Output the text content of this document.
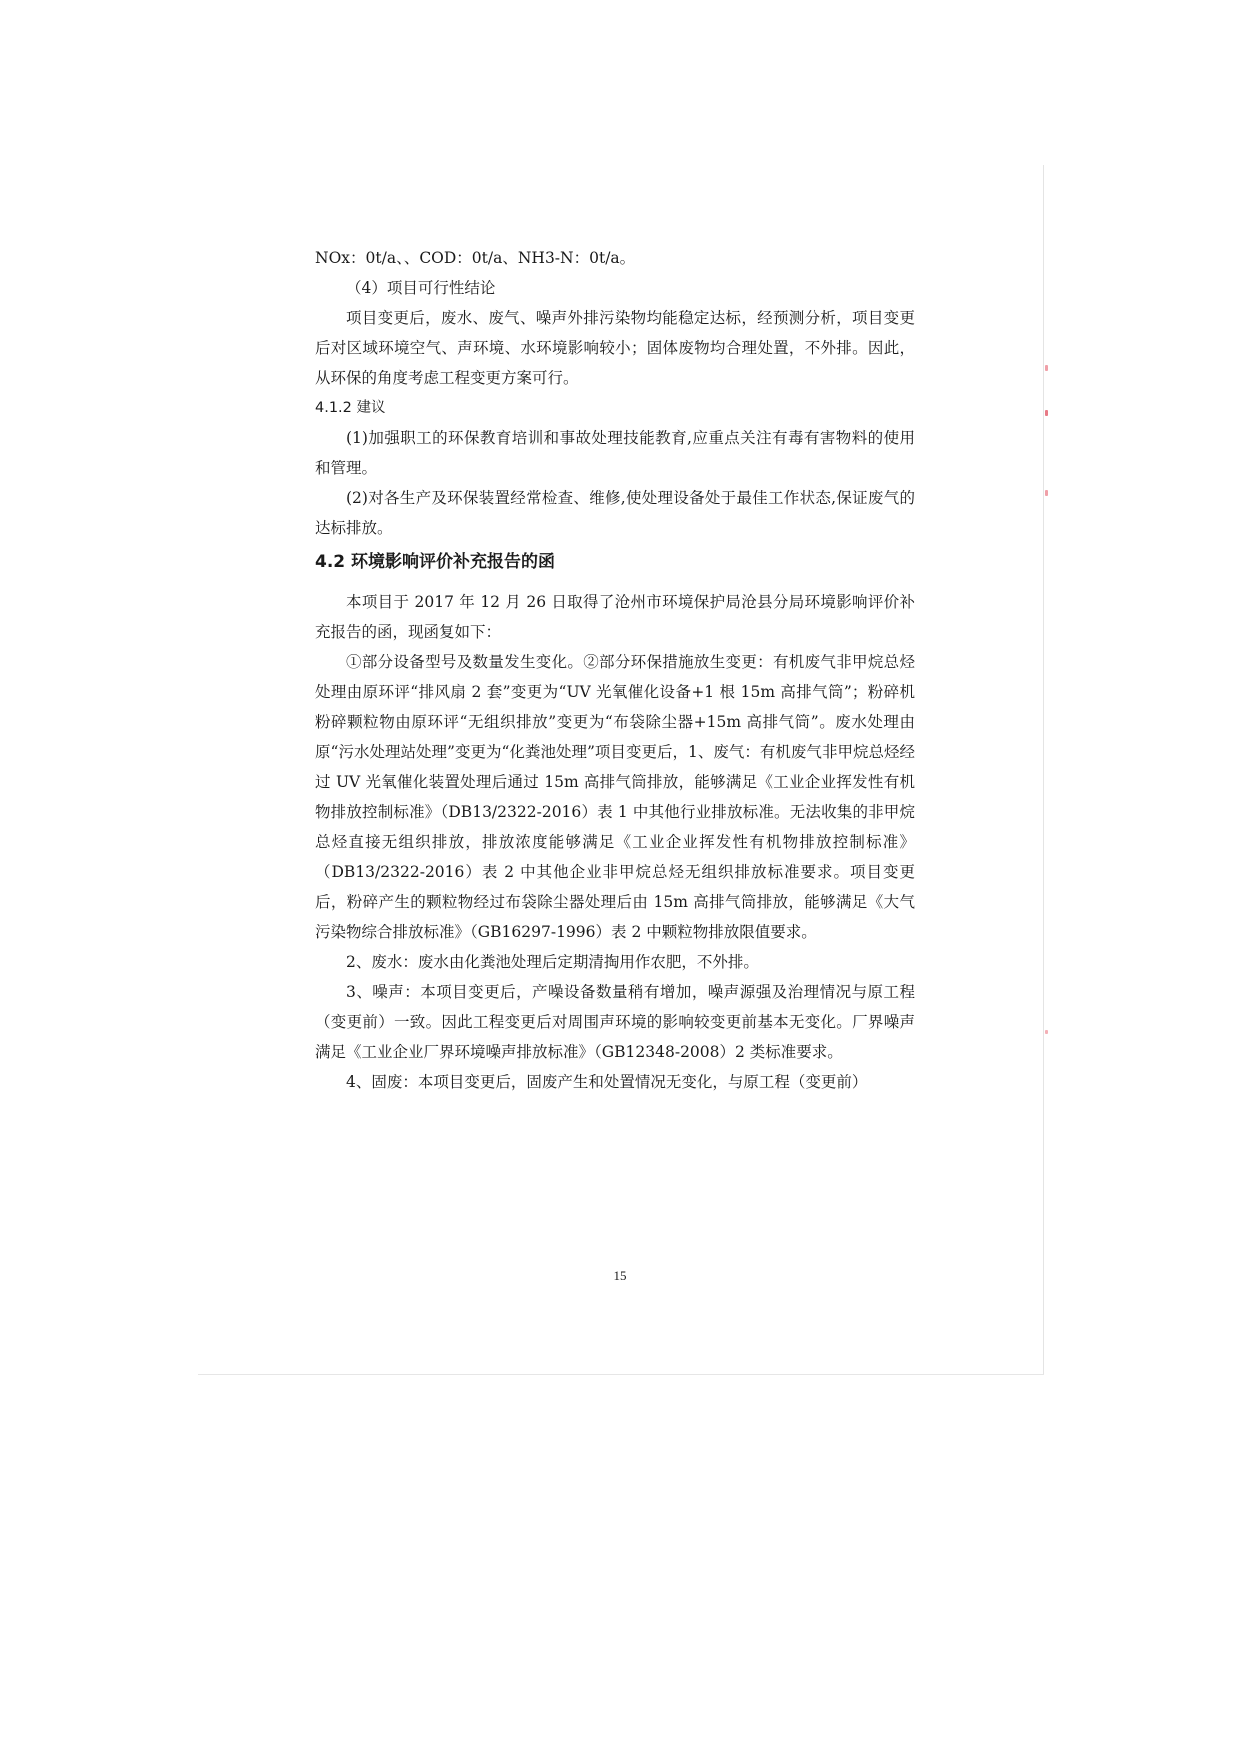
NOx：0t/a、、COD：0t/a、NH3-N：0t/a。

（4）项目可行性结论

项目变更后，废水、废气、噪声外排污染物均能稳定达标，经预测分析，项目变更后对区域环境空气、声环境、水环境影响较小；固体废物均合理处置，不外排。因此，从环保的角度考虑工程变更方案可行。

4.1.2 建议

(1)加强职工的环保教育培训和事故处理技能教育,应重点关注有毒有害物料的使用和管理。

(2)对各生产及环保装置经常检查、维修,使处理设备处于最佳工作状态,保证废气的达标排放。

4.2 环境影响评价补充报告的函

本项目于 2017 年 12 月 26 日取得了沧州市环境保护局沧县分局环境影响评价补充报告的函，现函复如下：

①部分设备型号及数量发生变化。②部分环保措施放生变更：有机废气非甲烷总烃处理由原环评“排风扇 2 套”变更为“UV 光氧催化设备+1 根 15m 高排气筒”；粉碎机粉碎颗粒物由原环评“无组织排放”变更为“布袋除尘器+15m 高排气筒”。废水处理由原“污水处理站处理”变更为“化粪池处理”项目变更后，1、废气：有机废气非甲烷总烃经过 UV 光氧催化装置处理后通过 15m 高排气筒排放，能够满足《工业企业挥发性有机物排放控制标准》（DB13/2322-2016）表 1 中其他行业排放标准。无法收集的非甲烷总烃直接无组织排放，排放浓度能够满足《工业企业挥发性有机物排放控制标准》（DB13/2322-2016）表 2 中其他企业非甲烷总烃无组织排放标准要求。项目变更后，粉碎产生的颗粒物经过布袋除尘器处理后由 15m 高排气筒排放，能够满足《大气污染物综合排放标准》（GB16297-1996）表 2 中颗粒物排放限值要求。

2、废水：废水由化粪池处理后定期清掏用作农肥，不外排。

3、噪声：本项目变更后，产噪设备数量稍有增加，噪声源强及治理情况与原工程（变更前）一致。因此工程变更后对周围声环境的影响较变更前基本无变化。厂界噪声满足《工业企业厂界环境噪声排放标准》（GB12348-2008）2 类标准要求。

4、固废：本项目变更后，固废产生和处置情况无变化，与原工程（变更前）

15
